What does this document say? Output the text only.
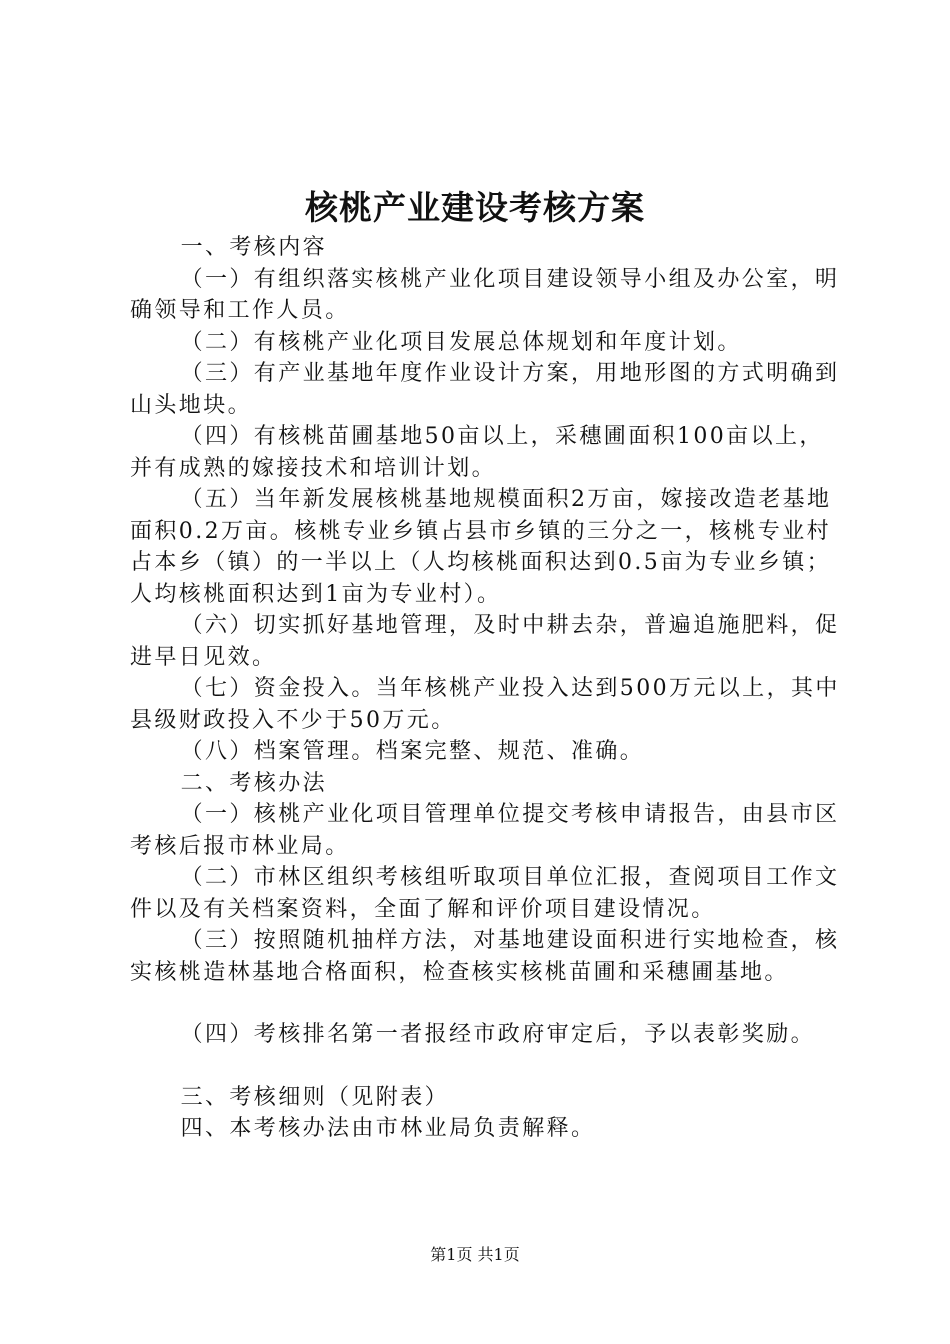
核桃产业建设考核方案

一、考核内容

（一）有组织落实核桃产业化项目建设领导小组及办公室，明确领导和工作人员。

（二）有核桃产业化项目发展总体规划和年度计划。

（三）有产业基地年度作业设计方案，用地形图的方式明确到山头地块。

（四）有核桃苗圃基地50亩以上，采穗圃面积100亩以上，并有成熟的嫁接技术和培训计划。

（五）当年新发展核桃基地规模面积2万亩，嫁接改造老基地面积0.2万亩。核桃专业乡镇占县市乡镇的三分之一，核桃专业村占本乡（镇）的一半以上（人均核桃面积达到0.5亩为专业乡镇；人均核桃面积达到1亩为专业村）。

（六）切实抓好基地管理，及时中耕去杂，普遍追施肥料，促进早日见效。

（七）资金投入。当年核桃产业投入达到500万元以上，其中县级财政投入不少于50万元。

（八）档案管理。档案完整、规范、准确。

二、考核办法

（一）核桃产业化项目管理单位提交考核申请报告，由县市区考核后报市林业局。

（二）市林区组织考核组听取项目单位汇报，查阅项目工作文件以及有关档案资料，全面了解和评价项目建设情况。

（三）按照随机抽样方法，对基地建设面积进行实地检查，核实核桃造林基地合格面积，检查核实核桃苗圃和采穗圃基地。

（四）考核排名第一者报经市政府审定后，予以表彰奖励。

三、考核细则（见附表）

四、本考核办法由市林业局负责解释。

第1页 共1页
